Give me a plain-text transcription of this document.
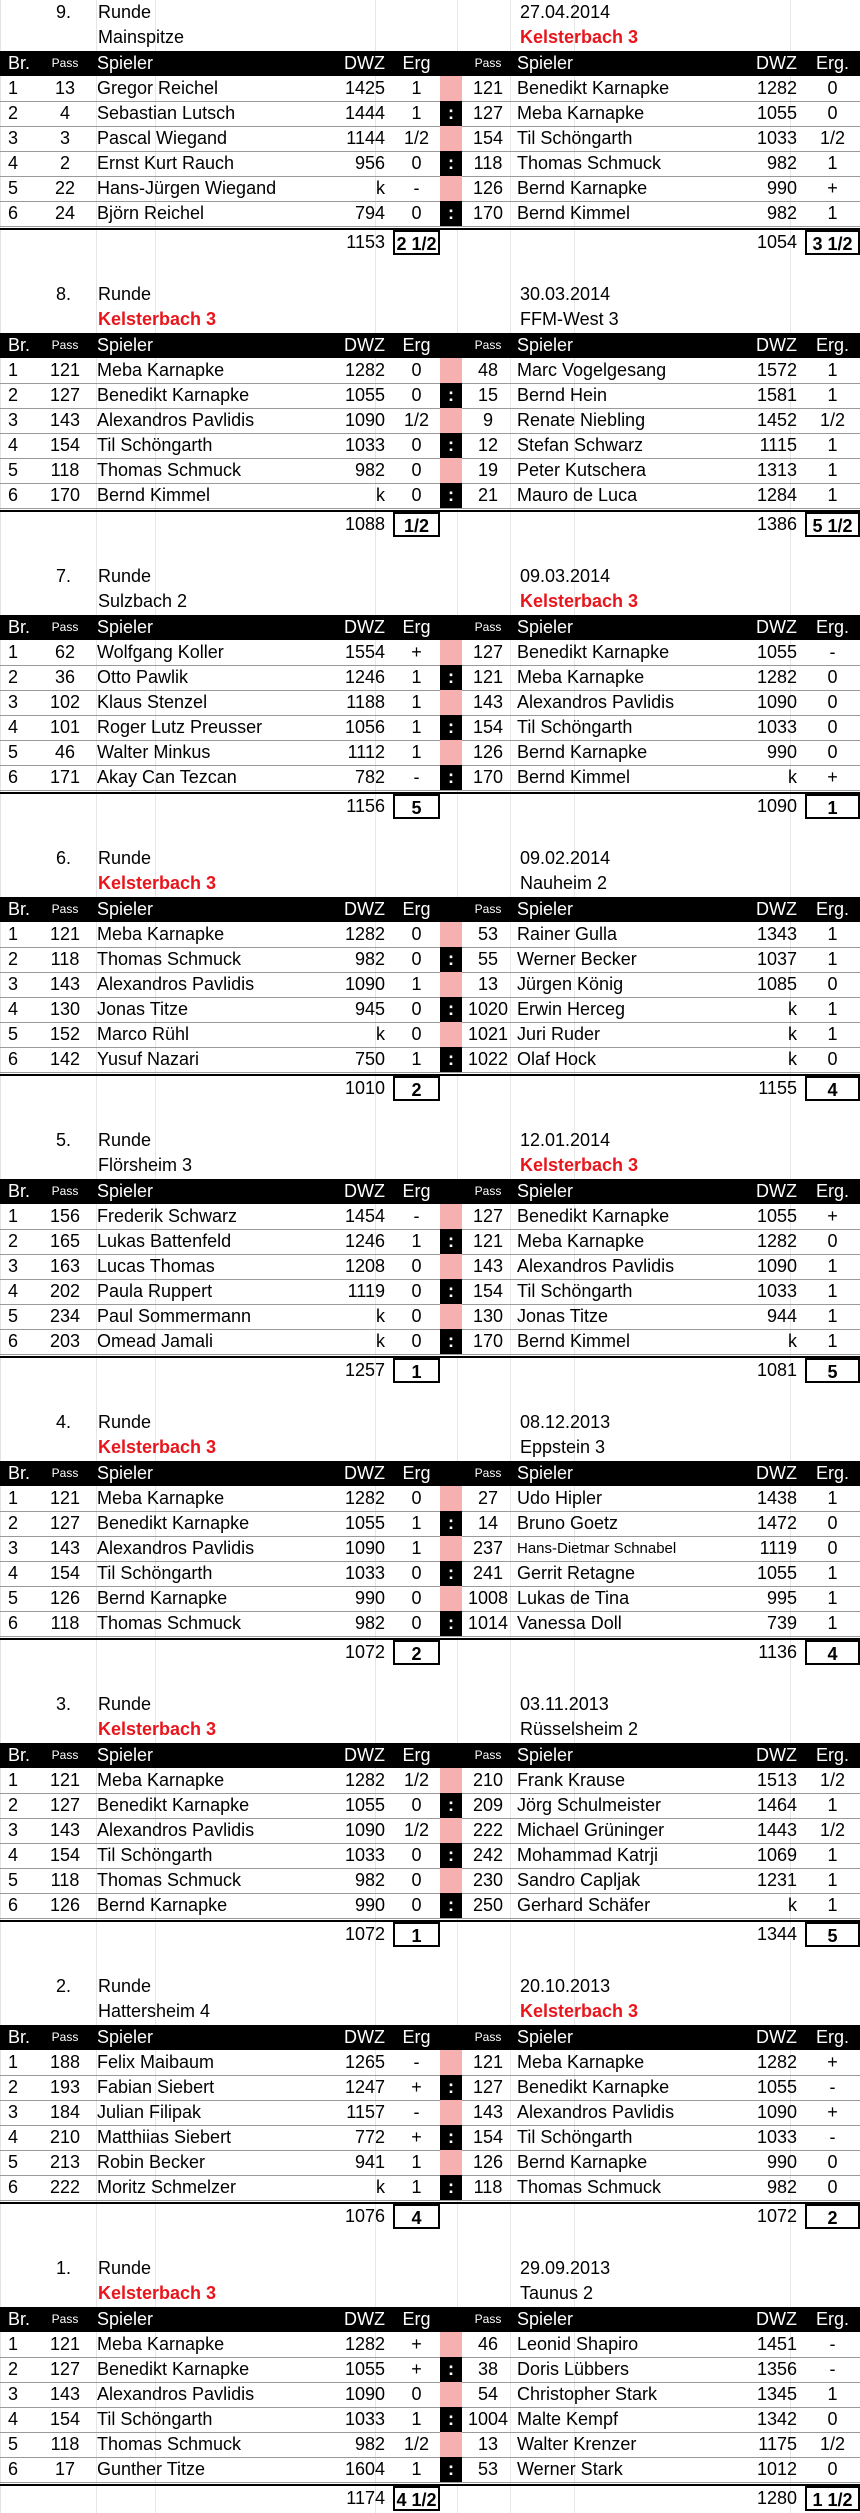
9. Runde	27.04.2014
Mainspitze	Kelsterbach 3
Br.	Pass	Spieler	DWZ Erg	Pass Spieler	DWZ	Erg.
1	13	Gregor Reichel	1425	1	121 Benedikt Karnapke	1282	0
2	4	Sebastian Lutsch	1444	1	:	127 Meba Karnapke	1055	0
3	3	Pascal Wiegand	1144	1/2	154 Til Schöngarth	1033	1/2
4	2	Ernst Kurt Rauch	956	0	:	118 Thomas Schmuck	982	1
5	22	Hans-Jürgen Wiegand	k	-	126 Bernd Karnapke	990	+
6	24	Björn Reichel	794	0	:	170 Bernd Kimmel	982	1
1153 2 1/2	1054 3 1/2
8. Runde	30.03.2014
Kelsterbach 3	FFM-West 3
Br.	Pass	Spieler	DWZ Erg	Pass Spieler	DWZ	Erg.
1	121 Meba Karnapke	1282	0	48	Marc Vogelgesang	1572	1
2	127 Benedikt Karnapke	1055	0	:	15	Bernd Hein	1581	1
3	143 Alexandros Pavlidis	1090	1/2	9	Renate Niebling	1452	1/2
4	154 Til Schöngarth	1033	0	:	12	Stefan Schwarz	1115	1
5	118 Thomas Schmuck	982	0	19	Peter Kutschera	1313	1
6	170 Bernd Kimmel	k	0	:	21	Mauro de Luca	1284	1
1088	1/2	1386 5 1/2
7. Runde	09.03.2014
Sulzbach 2	Kelsterbach 3
Br.	Pass	Spieler	DWZ Erg	Pass Spieler	DWZ	Erg.
1	62	Wolfgang Koller	1554	+	127 Benedikt Karnapke	1055	-
2	36	Otto Pawlik	1246	1	:	121 Meba Karnapke	1282	0
3	102 Klaus Stenzel	1188	1	143 Alexandros Pavlidis	1090	0
4	101 Roger Lutz Preusser	1056	1	:	154 Til Schöngarth	1033	0
5	46	Walter Minkus	1112	1	126 Bernd Karnapke	990	0
6	171 Akay Can Tezcan	782	-	:	170 Bernd Kimmel	k	+
1156	5	1090	1
6. Runde	09.02.2014
Kelsterbach 3	Nauheim 2
Br.	Pass	Spieler	DWZ Erg	Pass Spieler	DWZ	Erg.
1	121 Meba Karnapke	1282	0	53	Rainer Gulla	1343	1
2	118 Thomas Schmuck	982	0	:	55	Werner Becker	1037	1
3	143 Alexandros Pavlidis	1090	1	13	Jürgen König	1085	0
4	130 Jonas Titze	945	0	: 1020 Erwin Herceg	k	1
5	152 Marco Rühl	k	0	1021 Juri Ruder	k	1
6	142 Yusuf Nazari	750	1	: 1022 Olaf Hock	k	0
1010	2	1155	4
5. Runde	12.01.2014
Flörsheim 3	Kelsterbach 3
Br.	Pass	Spieler	DWZ Erg	Pass Spieler	DWZ	Erg.
1	156 Frederik Schwarz	1454	-	127 Benedikt Karnapke	1055	+
2	165 Lukas Battenfeld	1246	1	:	121 Meba Karnapke	1282	0
3	163 Lucas Thomas	1208	0	143 Alexandros Pavlidis	1090	1
4	202 Paula Ruppert	1119	0	:	154 Til Schöngarth	1033	1
5	234 Paul Sommermann	k	0	130 Jonas Titze	944	1
6	203 Omead Jamali	k	0	:	170 Bernd Kimmel	k	1
1257	1	1081	5
4. Runde	08.12.2013
Kelsterbach 3	Eppstein 3
Br.	Pass	Spieler	DWZ Erg	Pass Spieler	DWZ	Erg.
1	121 Meba Karnapke	1282	0	27	Udo Hipler	1438	1
2	127 Benedikt Karnapke	1055	1	:	14	Bruno Goetz	1472	0
3	143 Alexandros Pavlidis	1090	1	237 Hans-Dietmar Schnabel	1119	0
4	154 Til Schöngarth	1033	0	:	241 Gerrit Retagne	1055	1
5	126 Bernd Karnapke	990	0	1008 Lukas de Tina	995	1
6	118 Thomas Schmuck	982	0	: 1014 Vanessa Doll	739	1
1072	2	1136	4
3. Runde	03.11.2013
Kelsterbach 3	Rüsselsheim 2
Br.	Pass	Spieler	DWZ Erg	Pass Spieler	DWZ	Erg.
1	121 Meba Karnapke	1282	1/2	210 Frank Krause	1513	1/2
2	127 Benedikt Karnapke	1055	0	:	209 Jörg Schulmeister	1464	1
3	143 Alexandros Pavlidis	1090	1/2	222 Michael Grüninger	1443	1/2
4	154 Til Schöngarth	1033	0	:	242 Mohammad Katrji	1069	1
5	118 Thomas Schmuck	982	0	230 Sandro Capljak	1231	1
6	126 Bernd Karnapke	990	0	:	250 Gerhard Schäfer	k	1
1072	1	1344	5
2. Runde	20.10.2013
Hattersheim 4	Kelsterbach 3
Br.	Pass	Spieler	DWZ Erg	Pass Spieler	DWZ	Erg.
1	188 Felix Maibaum	1265	-	121 Meba Karnapke	1282	+
2	193 Fabian Siebert	1247	+	:	127 Benedikt Karnapke	1055	-
3	184 Julian Filipak	1157	-	143 Alexandros Pavlidis	1090	+
4	210 Matthiias Siebert	772	+	:	154 Til Schöngarth	1033	-
5	213 Robin Becker	941	1	126 Bernd Karnapke	990	0
6	222 Moritz Schmelzer	k	1	:	118 Thomas Schmuck	982	0
1076	4	1072	2
1. Runde	29.09.2013
Kelsterbach 3	Taunus 2
Br.	Pass	Spieler	DWZ Erg	Pass Spieler	DWZ	Erg.
1	121 Meba Karnapke	1282	+	46	Leonid Shapiro	1451	-
2	127 Benedikt Karnapke	1055	+	:	38	Doris Lübbers	1356	-
3	143 Alexandros Pavlidis	1090	0	54	Christopher Stark	1345	1
4	154 Til Schöngarth	1033	1	: 1004 Malte Kempf	1342	0
5	118 Thomas Schmuck	982	1/2	13	Walter Krenzer	1175	1/2
6	17	Gunther Titze	1604	1	:	53	Werner Stark	1012	0
1174 4 1/2	1280 1 1/2
